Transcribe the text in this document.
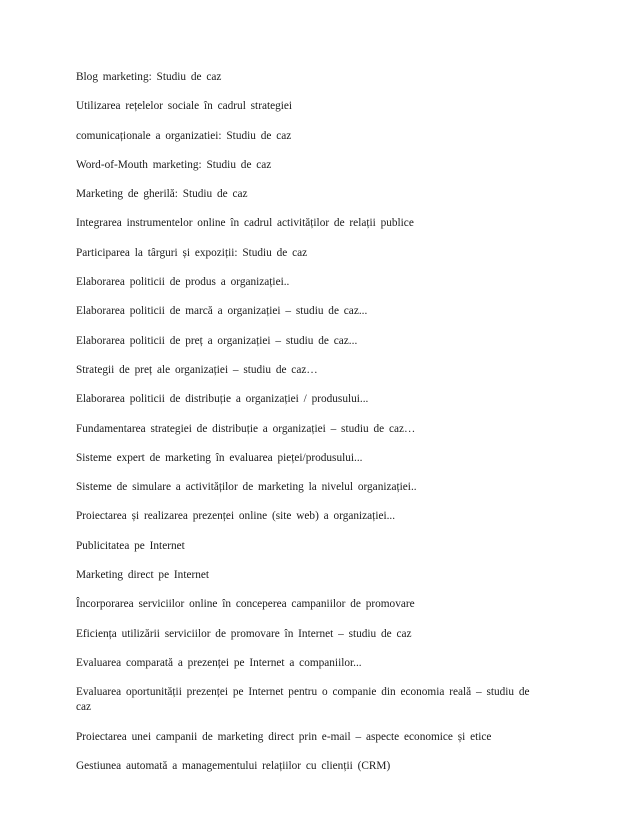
Blog marketing: Studiu de caz
Utilizarea rețelelor sociale în cadrul strategiei
comunicaționale a organizatiei: Studiu de caz
Word-of-Mouth marketing: Studiu de caz
Marketing de gherilă: Studiu de caz
Integrarea instrumentelor online în cadrul activităților de relații publice
Participarea la târguri și expoziții: Studiu de caz
Elaborarea politicii de produs a organizației..
Elaborarea politicii de marcă a organizației – studiu de caz...
Elaborarea politicii de preț a organizației – studiu de caz...
Strategii de preț ale organizației – studiu de caz…
Elaborarea politicii de distribuție a organizației / produsului...
Fundamentarea strategiei de distribuție a organizației – studiu de caz…
Sisteme expert de marketing în evaluarea pieței/produsului...
Sisteme de simulare a activităților de marketing la nivelul organizației..
Proiectarea și realizarea prezenței online (site web) a organizației...
Publicitatea pe Internet
Marketing direct pe Internet
Încorporarea serviciilor online în conceperea campaniilor de promovare
Eficiența utilizării serviciilor de promovare în Internet – studiu de caz
Evaluarea comparată a prezenței pe Internet a companiilor...
Evaluarea oportunității prezenței pe Internet pentru o companie din economia reală – studiu de caz
Proiectarea unei campanii de marketing direct prin e-mail – aspecte economice și etice
Gestiunea automată a managementului relațiilor cu clienții (CRM)
